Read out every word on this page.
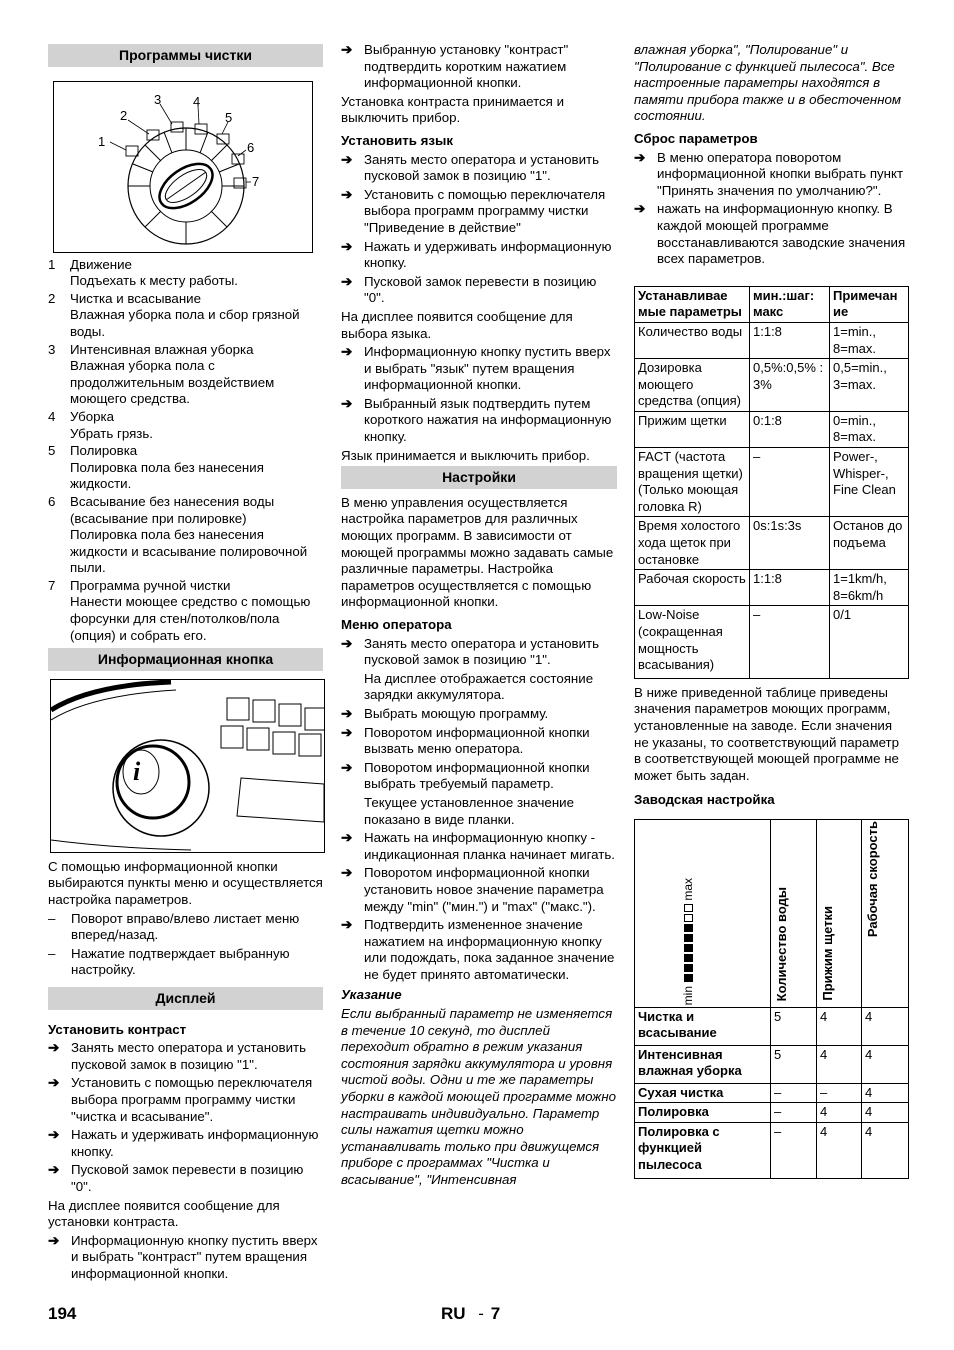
Программы чистки
1
2
3 4
5
6
7
1 Движение
Подъехать к месту работы.
2 Чистка и всасывание
Влажная уборка пола и сбор грязной воды.
3 Интенсивная влажная уборка
Влажная уборка пола с продолжительным воздействием моющего средства.
4 Уборка
Убрать грязь.
5 Полировка
Полировка пола без нанесения жидкости.
6 Всасывание без нанесения воды (всасывание при полировке)
Полировка пола без нанесения жидкости и всасывание полировочной пыли.
7 Программа ручной чистки
Нанести моющее средство с помощью форсунки для стен/потолков/пола (опция) и собрать его.
Информационная кнопка
i
С помощью информационной кнопки выбираются пункты меню и осуществляется настройка параметров.
– Поворот вправо/влево листает меню вперед/назад.
– Нажатие подтверждает выбранную настройку.
Дисплей
Установить контраст
➔ Занять место оператора и установить пусковой замок в позицию "1".
➔ Установить с помощью переключателя выбора программ программу чистки "чистка и всасывание".
➔ Нажать и удерживать информационную кнопку.
➔ Пусковой замок перевести в позицию "0".
На дисплее появится сообщение для установки контраста.
➔ Информационную кнопку пустить вверх и выбрать "контраст" путем вращения информационной кнопки.
➔ Выбранную установку "контраст" подтвердить коротким нажатием информационной кнопки.
Установка контраста принимается и выключить прибор.
Установить язык
➔ Занять место оператора и установить пусковой замок в позицию "1".
➔ Установить с помощью переключателя выбора программ программу чистки "Приведение в действие"
➔ Нажать и удерживать информационную кнопку.
➔ Пусковой замок перевести в позицию "0".
На дисплее появится сообщение для выбора языка.
➔ Информационную кнопку пустить вверх и выбрать "язык" путем вращения информационной кнопки.
➔ Выбранный язык подтвердить путем короткого нажатия на информационную кнопку.
Язык принимается и выключить прибор.
Настройки
В меню управления осуществляется настройка параметров для различных моющих программ. В зависимости от моющей программы можно задавать самые различные параметры. Настройка параметров осуществляется с помощью информационной кнопки.
Меню оператора
➔ Занять место оператора и установить пусковой замок в позицию "1".
На дисплее отображается состояние зарядки аккумулятора.
➔ Выбрать моющую программу.
➔ Поворотом информационной кнопки вызвать меню оператора.
➔ Поворотом информационной кнопки выбрать требуемый параметр.
Текущее установленное значение показано в виде планки.
➔ Нажать на информационную кнопку - индикационная планка начинает мигать.
➔ Поворотом информационной кнопки установить новое значение параметра между "min" ("мин.") и "max" ("макс.").
➔ Подтвердить измененное значение нажатием на информационную кнопку или подождать, пока заданное значение не будет принято автоматически.
Указание
Если выбранный параметр не изменяется в течение 10 секунд, то дисплей переходит обратно в режим указания состояния зарядки аккумулятора и уровня чистой воды. Одни и те же параметры уборки в каждой моющей программе можно настраивать индивидуально. Параметр силы нажатия щетки можно устанавливать только при движущемся приборе с программах "Чистка и всасывание", "Интенсивная
влажная уборка", "Полирование" и "Полирование с функцией пылесоса". Все настроенные параметры находятся в памяти прибора также и в обесточенном состоянии.
Сброс параметров
➔ В меню оператора поворотом информационной кнопки выбрать пункт "Принять значения по умолчанию?".
➔ нажать на информационную кнопку. В каждой моющей программе восстанавливаются заводские значения всех параметров.
Устанавливае мые параметры	мин.:шаг: макс	Примечан ие
Количество воды	1:1:8	1=min., 8=max.
Дозировка моющего средства (опция)	0,5%:0,5% : 3%	0,5=min., 3=max.
Прижим щетки	0:1:8	0=min., 8=max.
FACT (частота вращения щетки) (Только моющая головка R)	–	Power-, Whisper-, Fine Clean
Время холостого хода щеток при остановке	0s:1s:3s	Останов до подъема
Рабочая скорость	1:1:8	1=1km/h, 8=6km/h
Low-Noise (сокращенная мощность всасывания)	–	0/1
В ниже приведенной таблице приведены значения параметров моющих программ, установленные на заводе. Если значения не указаны, то соответствующий параметр в соответствующей моющей программе не может быть задан.
Заводская настройка
min
max	Количество воды	Прижим щетки	Рабочая скорость
Чистка и всасывание	5	4	4
Интенсивная влажная уборка	5	4	4
Сухая чистка	–	–	4
Полировка	–	4	4
Полировка с функцией пылесоса	–	4	4
194	RU - 7
